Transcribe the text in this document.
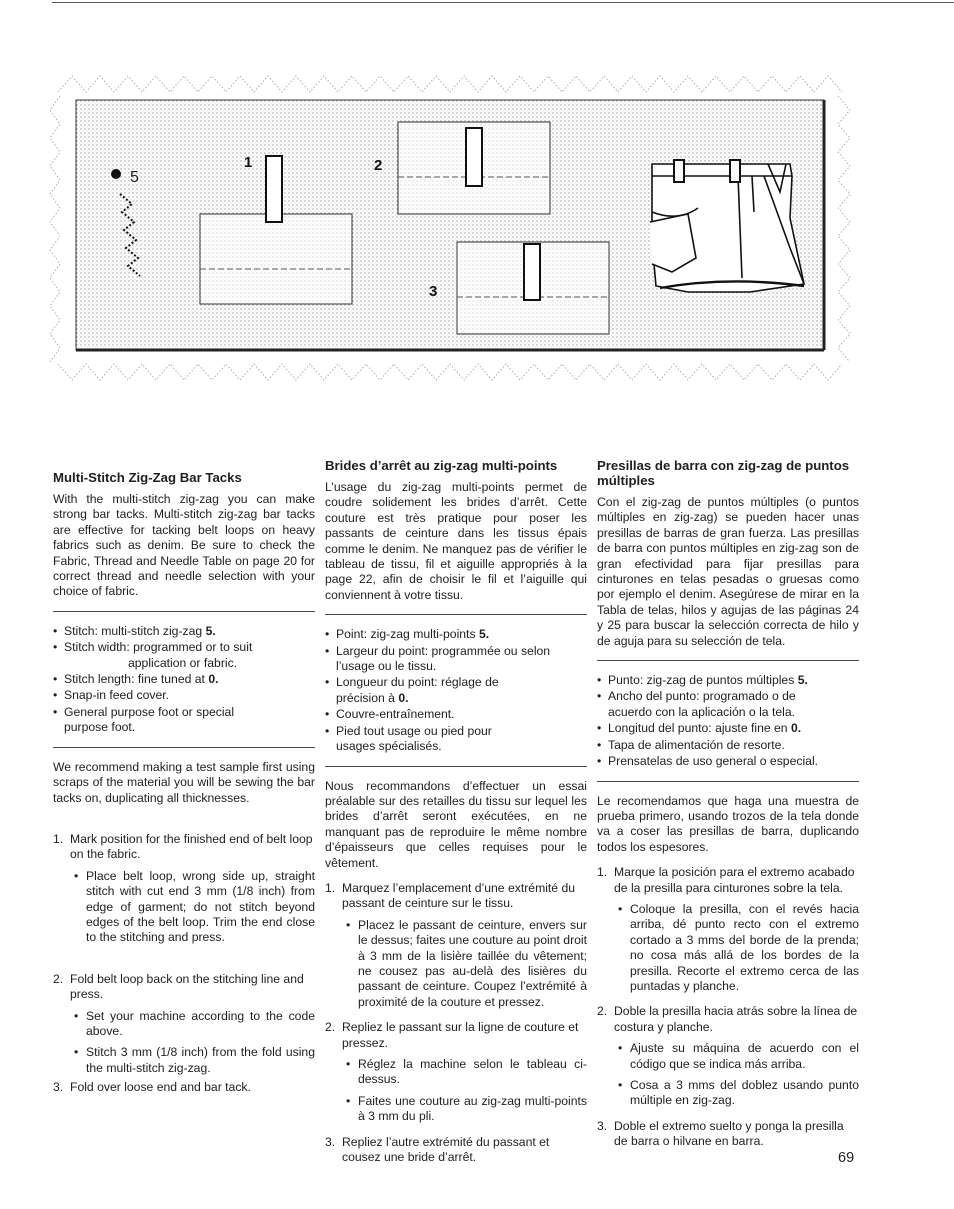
5
1	2
3
Multi-Stitch Zig-Zag Bar Tacks

With the multi-stitch zig-zag you can make strong bar tacks. Multi-stitch zig-zag bar tacks are effective for tacking belt loops on heavy fabrics such as denim. Be sure to check the Fabric, Thread and Needle Table on page 20 for correct thread and needle selection with your choice of fabric.

• Stitch: multi-stitch zig-zag 5.
• Stitch width: programmed or to suit
application or fabric.
• Stitch length: fine tuned at 0.
• Snap-in feed cover.
• General purpose foot or special
purpose foot.

We recommend making a test sample first using scraps of the material you will be sewing the bar tacks on, duplicating all thicknesses.

1. Mark position for the finished end of belt loop on the fabric.
• Place belt loop, wrong side up, straight stitch with cut end 3 mm (1/8 inch) from edge of garment; do not stitch beyond edges of the belt loop. Trim the end close to the stitching and press.
2. Fold belt loop back on the stitching line and press.
• Set your machine according to the code above.
• Stitch 3 mm (1/8 inch) from the fold using the multi-stitch zig-zag.
3. Fold over loose end and bar tack.
Brides d’arrêt au zig-zag multi-points

L’usage du zig-zag multi-points permet de coudre solidement les brides d’arrêt. Cette couture est très pratique pour poser les passants de ceinture dans les tissus épais comme le denim. Ne manquez pas de vérifier le tableau de tissu, fil et aiguille appropriés à la page 22, afin de choisir le fil et l’aiguille qui conviennent à votre tissu.

• Point: zig-zag multi-points 5.
• Largeur du point: programmée ou selon
l’usage ou le tissu.
• Longueur du point: réglage de
précision à 0.
• Couvre-entraînement.
• Pied tout usage ou pied pour
usages spécialisés.

Nous recommandons d’effectuer un essai préalable sur des retailles du tissu sur lequel les brides d’arrêt seront exécutées, en ne manquant pas de reproduire le même nombre d’épaisseurs que celles requises pour le vêtement.

1. Marquez l’emplacement d’une extrémité du passant de ceinture sur le tissu.
• Placez le passant de ceinture, envers sur le dessus; faites une couture au point droit à 3 mm de la lisière taillée du vêtement; ne cousez pas au-delà des lisières du passant de ceinture. Coupez l’extrémité à proximité de la couture et pressez.
2. Repliez le passant sur la ligne de couture et pressez.
• Réglez la machine selon le tableau ci-dessus.
• Faites une couture au zig-zag multi-points à 3 mm du pli.
3. Repliez l’autre extrémité du passant et cousez une bride d’arrêt.
Presillas de barra con zig-zag de puntos múltiples

Con el zig-zag de puntos múltiples (o puntos múltiples en zig-zag) se pueden hacer unas presillas de barras de gran fuerza. Las presillas de barra con puntos múltiples en zig-zag son de gran efectividad para fijar presillas para cinturones en telas pesadas o gruesas como por ejemplo el denim. Asegúrese de mirar en la Tabla de telas, hilos y agujas de las páginas 24 y 25 para buscar la selección correcta de hilo y de aguja para su selección de tela.

• Punto: zig-zag de puntos múltiples 5.
• Ancho del punto: programado o de
acuerdo con la aplicación o la tela.
• Longitud del punto: ajuste fine en 0.
• Tapa de alimentación de resorte.
• Prensatelas de uso general o especial.

Le recomendamos que haga una muestra de prueba primero, usando trozos de la tela donde va a coser las presillas de barra, duplicando todos los espesores.

1. Marque la posición para el extremo acabado de la presilla para cinturones sobre la tela.
• Coloque la presilla, con el revés hacia arriba, dé punto recto con el extremo cortado a 3 mms del borde de la prenda; no cosa más allá de los bordes de la presilla. Recorte el extremo cerca de las puntadas y planche.
2. Doble la presilla hacia atrás sobre la línea de costura y planche.
• Ajuste su máquina de acuerdo con el código que se indica más arriba.
• Cosa a 3 mms del doblez usando punto múltiple en zig-zag.
3. Doble el extremo suelto y ponga la presilla de barra o hilvane en barra.
69
